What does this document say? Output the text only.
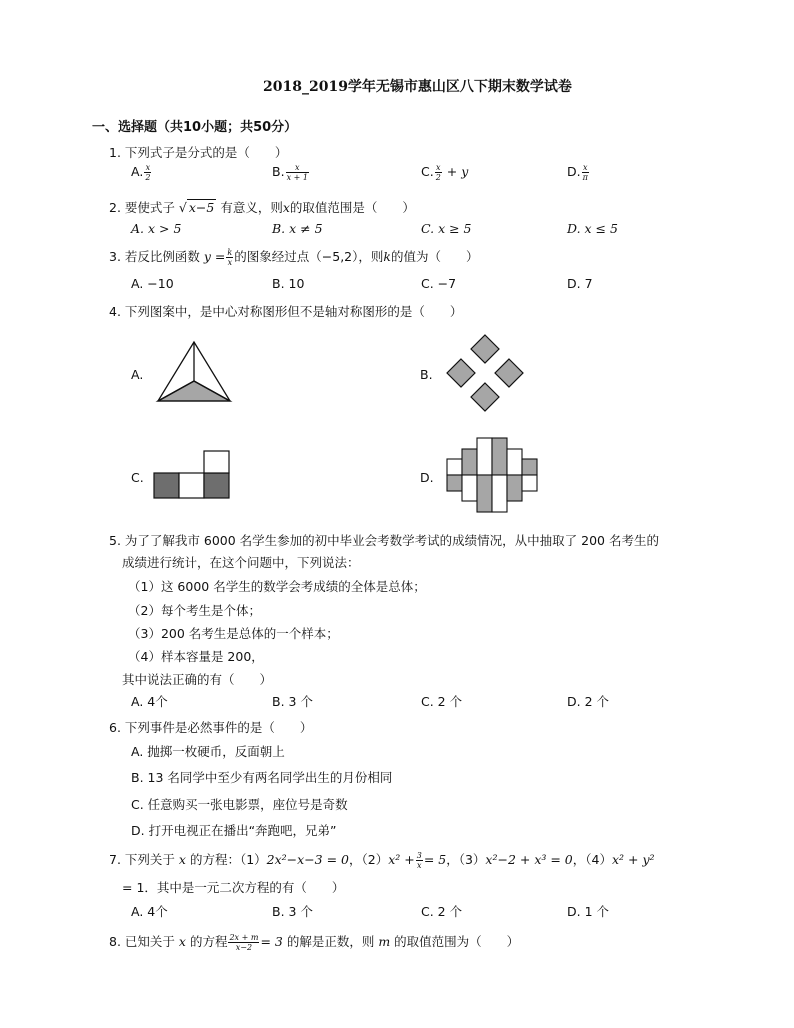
2018_2019学年无锡市惠山区八下期末数学试卷
一、选择题（共10小题；共50分）
1. 下列式子是分式的是（　　）
A. $\frac{x}{2}$	B. $\frac{x}{x + 1}$	C. $\frac{x}{2} + y$	D. $\frac{x}{\pi}$
2. 要使式子 √ x−5 有意义，则x的取值范围是（　　）
A. x > 5	B. x ≠ 5	C. x ≥ 5	D. x ≤ 5
3. 若反比例函数 $y = \frac{k}{x}$ 的图象经过点（−5,2），则k的值为（　　）
A. −10	B. 10	C. −7	D. 7
4. 下列图案中，是中心对称图形但不是轴对称图形的是（　　）
A.	B.
C.	D.
5. 为了了解我市 6000 名学生参加的初中毕业会考数学考试的成绩情况，从中抽取了 200 名考生的
成绩进行统计，在这个问题中，下列说法：
（1）这 6000 名学生的数学会考成绩的全体是总体；
（2）每个考生是个体；
（3）200 名考生是总体的一个样本；
（4）样本容量是 200，
其中说法正确的有（　　）
A. 4个	B. 3 个	C. 2 个	D. 2 个
6. 下列事件是必然事件的是（　　）
A. 抛掷一枚硬币，反面朝上
B. 13 名同学中至少有两名同学出生的月份相同
C. 任意购买一张电影票，座位号是奇数
D. 打开电视正在播出“奔跑吧，兄弟”
7. 下列关于 x 的方程：（1）2x²−x−3 = 0，$(2)x^2 + \frac{3}{x} = 5$，（3）x²−2 + x³ = 0，（4）x² + y²
= 1．其中是一元二次方程的有（　　）
A. 4个	B. 3 个	C. 2 个	D. 1 个
8. 已知关于 x 的方程 $\frac{2x + m}{x-2} = 3$ 的解是正数，则 m 的取值范围为（　　）
